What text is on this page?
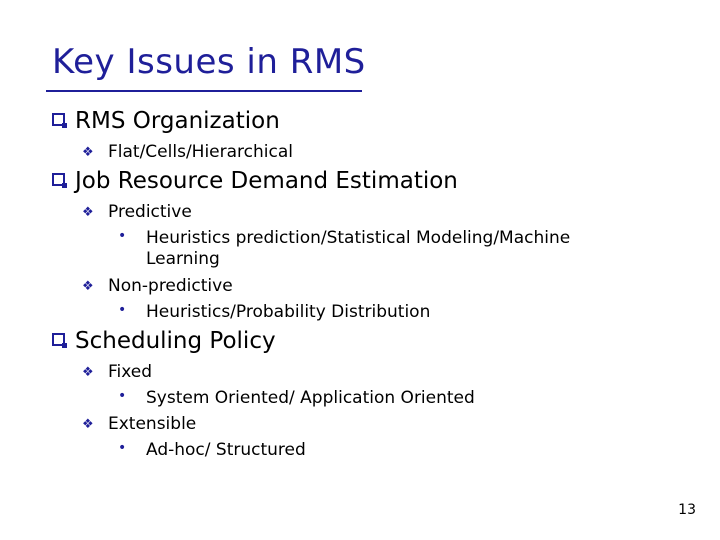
Key Issues in RMS
RMS Organization
❖ Flat/Cells/Hierarchical
Job Resource Demand Estimation
❖ Predictive
• Heuristics prediction/Statistical Modeling/Machine Learning
❖ Non-predictive
• Heuristics/Probability Distribution
Scheduling Policy
❖ Fixed
• System Oriented/ Application Oriented
❖ Extensible
• Ad-hoc/ Structured
13
